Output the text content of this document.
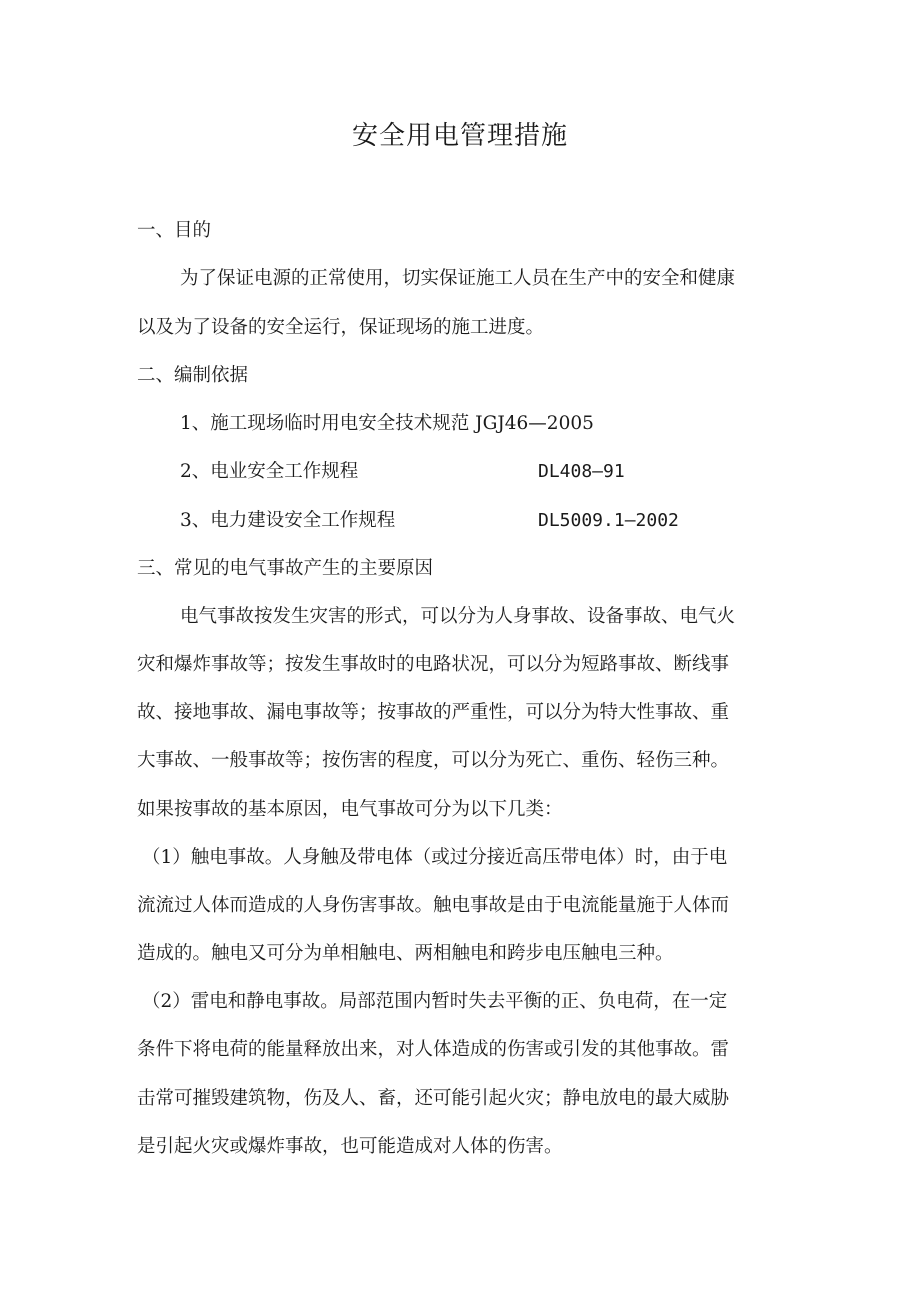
安全用电管理措施
一、目的
为了保证电源的正常使用，切实保证施工人员在生产中的安全和健康
以及为了设备的安全运行，保证现场的施工进度。
二、编制依据
1、施工现场临时用电安全技术规范 JGJ46—2005
2、电业安全工作规程	DL408—91
3、电力建设安全工作规程	DL5009.1—2002
三、常见的电气事故产生的主要原因
电气事故按发生灾害的形式，可以分为人身事故、设备事故、电气火
灾和爆炸事故等；按发生事故时的电路状况，可以分为短路事故、断线事
故、接地事故、漏电事故等；按事故的严重性，可以分为特大性事故、重
大事故、一般事故等；按伤害的程度，可以分为死亡、重伤、轻伤三种。
如果按事故的基本原因，电气事故可分为以下几类：
（1）触电事故。人身触及带电体（或过分接近高压带电体）时，由于电
流流过人体而造成的人身伤害事故。触电事故是由于电流能量施于人体而
造成的。触电又可分为单相触电、两相触电和跨步电压触电三种。
（2）雷电和静电事故。局部范围内暂时失去平衡的正、负电荷，在一定
条件下将电荷的能量释放出来，对人体造成的伤害或引发的其他事故。雷
击常可摧毁建筑物，伤及人、畜，还可能引起火灾；静电放电的最大威胁
是引起火灾或爆炸事故，也可能造成对人体的伤害。
